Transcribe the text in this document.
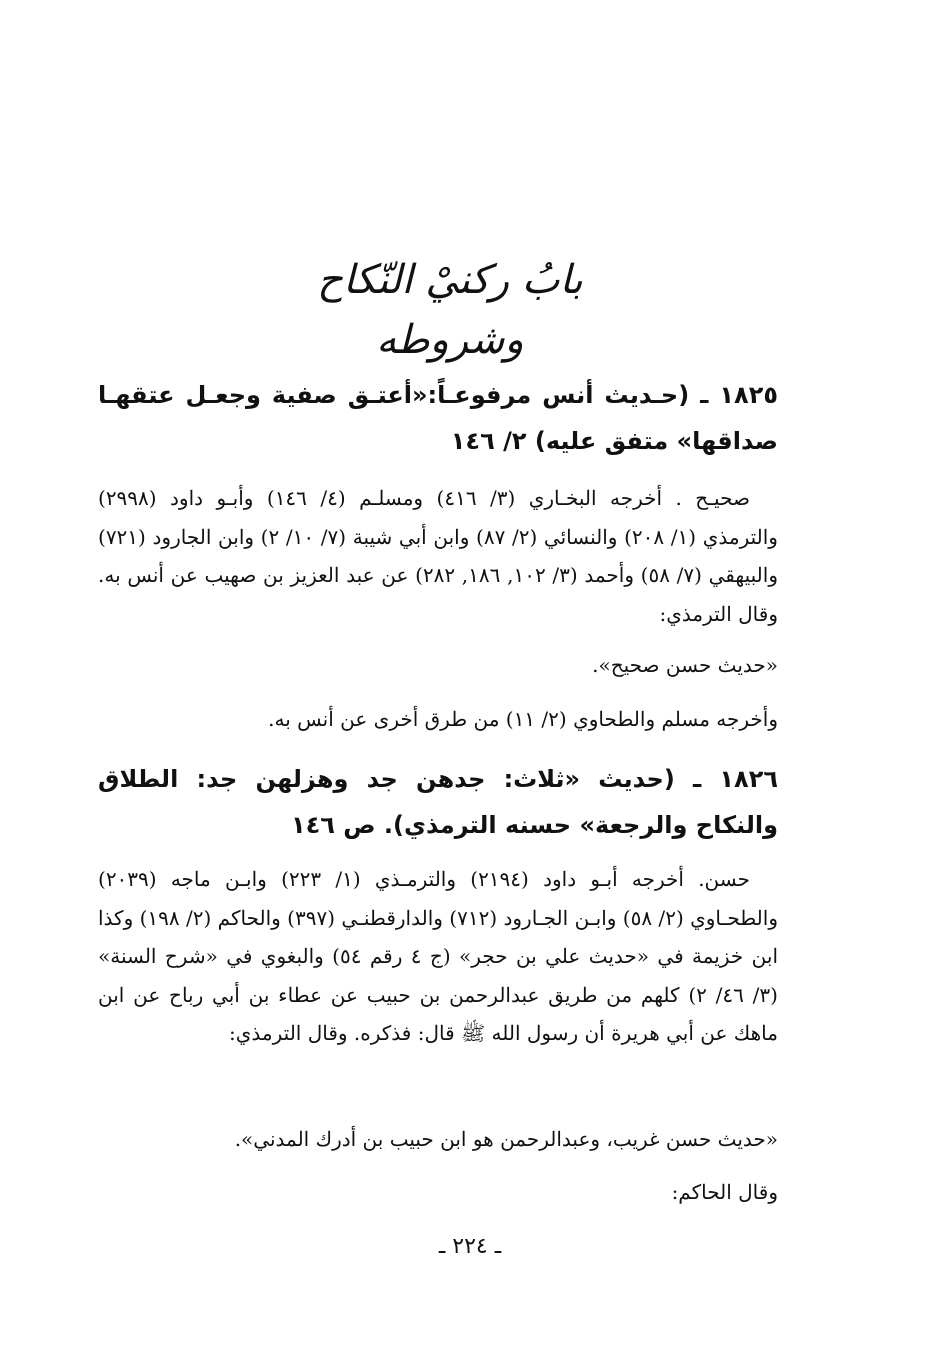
بابُ ركنيْ النّكاح وشروطه
١٨٢٥ ـ (حـديث أنس مرفوعـاً:«أعتـق صفية وجعـل عتقهـا صداقها» متفق عليه) ٢/ ١٤٦
صحيـح . أخرجه البخـاري (٣/ ٤١٦) ومسلـم (٤/ ١٤٦) وأبـو داود (٢٩٩٨) والترمذي (١/ ٢٠٨) والنسائي (٢/ ٨٧) وابن أبي شيبة (٧/ ١٠/ ٢) وابن الجارود (٧٢١) والبيهقي (٧/ ٥٨) وأحمد (٣/ ١٠٢, ١٨٦, ٢٨٢) عن عبد العزيز بن صهيب عن أنس به. وقال الترمذي:
«حديث حسن صحيح».
وأخرجه مسلم والطحاوي (٢/ ١١) من طرق أخرى عن أنس به.
١٨٢٦ ـ (حديث «ثلاث: جدهن جد وهزلهن جد: الطلاق والنكاح والرجعة» حسنه الترمذي). ص ١٤٦
حسن. أخرجه أبـو داود (٢١٩٤) والترمـذي (١/ ٢٢٣) وابـن ماجه (٢٠٣٩) والطحـاوي (٢/ ٥٨) وابـن الجـارود (٧١٢) والدارقطنـي (٣٩٧) والحاكم (٢/ ١٩٨) وكذا ابن خزيمة في «حديث علي بن حجر» (ج ٤ رقم ٥٤) والبغوي في «شرح السنة» (٣/ ٤٦/ ٢) كلهم من طريق عبدالرحمن بن حبيب عن عطاء بن أبي رباح عن ابن ماهك عن أبي هريرة أن رسول الله ﷺ قال: فذكره. وقال الترمذي:
«حديث حسن غريب، وعبدالرحمن هو ابن حبيب بن أدرك المدني».
وقال الحاكم:
ـ ٢٢٤ ـ
